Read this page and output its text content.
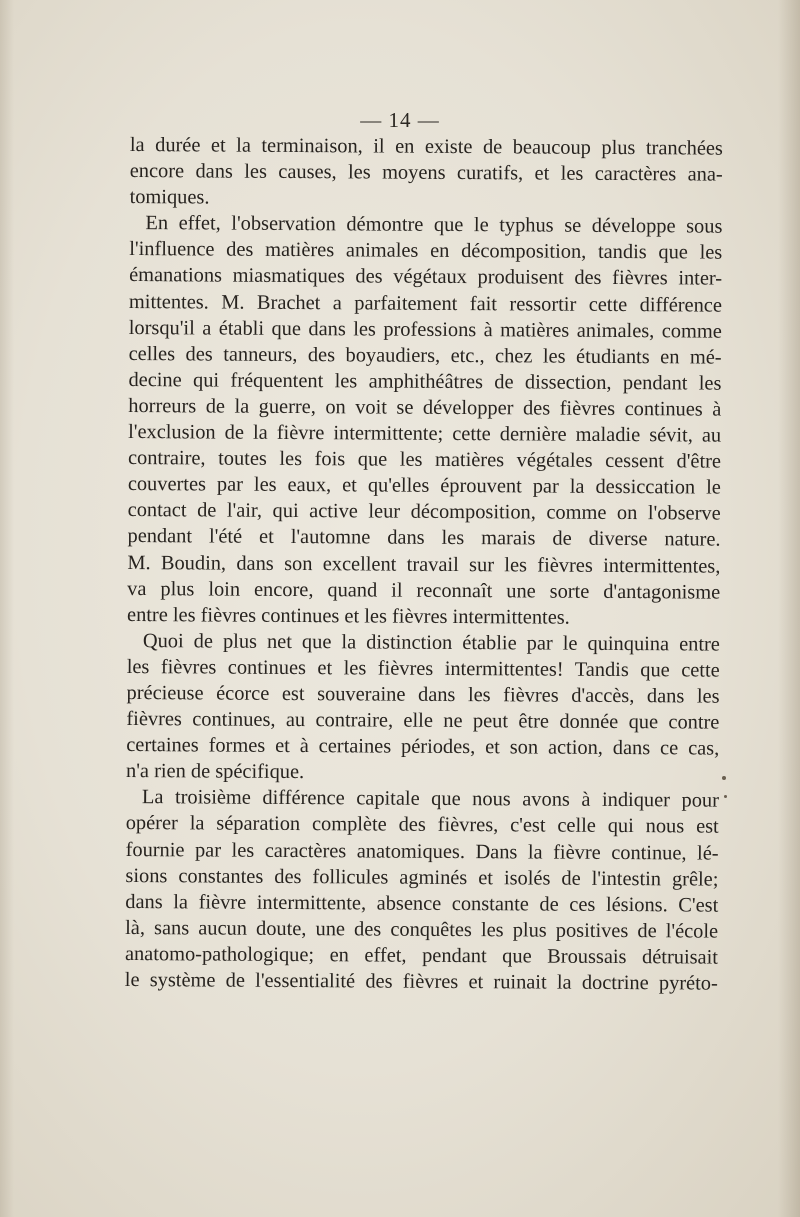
— 14 —

la durée et la terminaison, il en existe de beaucoup plus tranchées

encore dans les causes, les moyens curatifs, et les caractères ana-

tomiques.

En effet, l'observation démontre que le typhus se développe sous

l'influence des matières animales en décomposition, tandis que les

émanations miasmatiques des végétaux produisent des fièvres inter-

mittentes. M. Brachet a parfaitement fait ressortir cette différence

lorsqu'il a établi que dans les professions à matières animales, comme

celles des tanneurs, des boyaudiers, etc., chez les étudiants en mé-

decine qui fréquentent les amphithéâtres de dissection, pendant les

horreurs de la guerre, on voit se développer des fièvres continues à

l'exclusion de la fièvre intermittente; cette dernière maladie sévit, au

contraire, toutes les fois que les matières végétales cessent d'être

couvertes par les eaux, et qu'elles éprouvent par la dessiccation le

contact de l'air, qui active leur décomposition, comme on l'observe

pendant l'été et l'automne dans les marais de diverse nature.

M. Boudin, dans son excellent travail sur les fièvres intermittentes,

va plus loin encore, quand il reconnaît une sorte d'antagonisme

entre les fièvres continues et les fièvres intermittentes.

Quoi de plus net que la distinction établie par le quinquina entre

les fièvres continues et les fièvres intermittentes! Tandis que cette

précieuse écorce est souveraine dans les fièvres d'accès, dans les

fièvres continues, au contraire, elle ne peut être donnée que contre

certaines formes et à certaines périodes, et son action, dans ce cas,

n'a rien de spécifique.

La troisième différence capitale que nous avons à indiquer pour

opérer la séparation complète des fièvres, c'est celle qui nous est

fournie par les caractères anatomiques. Dans la fièvre continue, lé-

sions constantes des follicules agminés et isolés de l'intestin grêle;

dans la fièvre intermittente, absence constante de ces lésions. C'est

là, sans aucun doute, une des conquêtes les plus positives de l'école

anatomo-pathologique; en effet, pendant que Broussais détruisait

le système de l'essentialité des fièvres et ruinait la doctrine pyréto-
